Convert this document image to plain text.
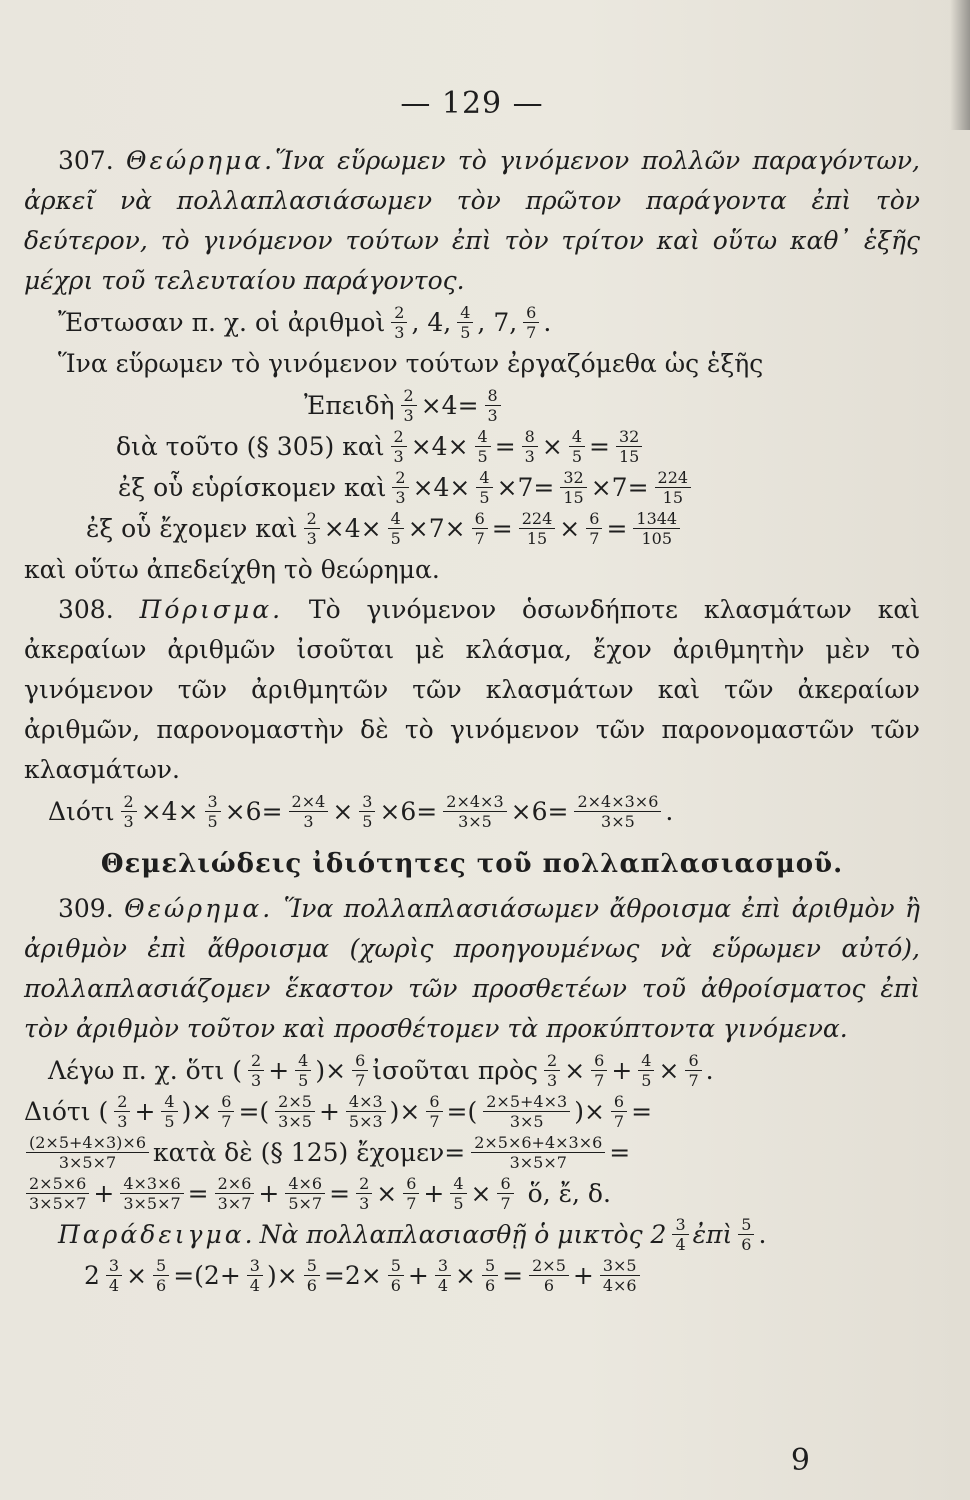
— 129 —

307. Θεώρημα.Ἵνα εὕρωμεν τὸ γινόμενον πολλῶν παραγόντων, ἀρκεῖ νὰ πολλαπλασιάσωμεν τὸν πρῶτον παράγοντα ἐπὶ τὸν δεύτερον, τὸ γινόμενον τούτων ἐπὶ τὸν τρίτον καὶ οὕτω καθ᾽ ἑξῆς μέχρι τοῦ τελευταίου παράγοντος.

Ἔστωσαν π. χ. οἱ ἀριθμοὶ $\frac{2}{3}$ , 4, $\frac{4}{5}$ , 7, $\frac{6}{7}$ .

Ἵνα εὕρωμεν τὸ γινόμενον τούτων ἐργαζόμεθα ὡς ἑξῆς

Ἐπειδὴ $\frac{2}{3} \times 4= \frac{8}{3}$
διὰ τοῦτο (§ 305) καὶ $\frac{2}{3} \times 4\times \frac{4}{5} = \frac{8}{3} \times \frac{4}{5} = \frac{32}{15}$
ἐξ οὗ εὑρίσκομεν καὶ $\frac{2}{3} \times 4\times \frac{4}{5} \times 7= \frac{32}{15} \times 7= \frac{224}{15}$
ἐξ οὗ ἔχομεν καὶ $\frac{2}{3} \times 4\times \frac{4}{5} \times 7\times \frac{6}{7} = \frac{224}{15} \times \frac{6}{7} = \frac{1344}{105}$

καὶ οὕτω ἀπεδείχθη τὸ θεώρημα.

308. Πόρισμα. Τὸ γινόμενον ὁσωνδήποτε κλασμάτων καὶ ἀκεραίων ἀριθμῶν ἰσοῦται μὲ κλάσμα, ἔχον ἀριθμητὴν μὲν τὸ γινόμενον τῶν ἀριθμητῶν τῶν κλασμάτων καὶ τῶν ἀκεραίων ἀριθμῶν, παρονομαστὴν δὲ τὸ γινόμενον τῶν παρονομαστῶν τῶν κλασμάτων.

Διότι $\frac{2}{3} \times 4\times \frac{3}{5} \times 6= \frac{2\times 4}{3} \times \frac{3}{5} \times 6= \frac{2\times 4\times 3}{3\times 5} \times 6= \frac{2\times 4\times 3\times 6}{3\times 5}$ .
Θεμελιώδεις ἰδιότητες τοῦ πολλαπλασιασμοῦ.

309. Θεώρημα. Ἵνα πολλαπλασιάσωμεν ἄθροισμα ἐπὶ ἀριθμὸν ἢ ἀριθμὸν ἐπὶ ἄθροισμα (χωρὶς προηγουμένως νὰ εὕρωμεν αὐτό), πολλαπλασιάζομεν ἕκαστον τῶν προσθετέων τοῦ ἀθροίσματος ἐπὶ τὸν ἀριθμὸν τοῦτον καὶ προσθέτομεν τὰ προκύπτοντα γινόμενα.

Λέγω π. χ. ὅτι ( $\frac{2}{3} + \frac{4}{5}$ )× $\frac{6}{7}$ ἰσοῦται πρὸς $\frac{2}{3} \times \frac{6}{7} + \frac{4}{5} \times \frac{6}{7}$ .
Διότι ( $\frac{2}{3} + \frac{4}{5}$ )× $\frac{6}{7}$ =( $\frac{2\times 5}{3\times 5} + \frac{4\times 3}{5\times 3}$ )× $\frac{6}{7}$ =( $\frac{2\times 5+4\times 3}{3\times 5}$ )× $\frac{6}{7}$ =
$\frac{(2\times 5+4\times 3)\times 6}{3\times 5\times 7}$ κατὰ δὲ (§ 125) ἔχομεν= $\frac{2\times 5\times 6+4\times 3\times 6}{3\times 5\times 7}$ =
$\frac{2\times 5\times 6}{3\times 5\times 7} + \frac{4\times 3\times 6}{3\times 5\times 7} = \frac{2\times 6}{3\times 7} + \frac{4\times 6}{5\times 7} = \frac{2}{3} \times \frac{6}{7} + \frac{4}{5} \times \frac{6}{7}$ ὅ, ἔ, δ.
Παράδειγμα. Νὰ πολλαπλασιασθῇ ὁ μικτὸς $2 \frac{3}{4}$ ἐπὶ $\frac{5}{6}$ .
$2 \frac{3}{4} \times \frac{5}{6} =(2+ \frac{3}{4}$ )× $\frac{5}{6} =2\times \frac{5}{6} + \frac{3}{4} \times \frac{5}{6} = \frac{2\times 5}{6} + \frac{3\times 5}{4\times 6}$
9
